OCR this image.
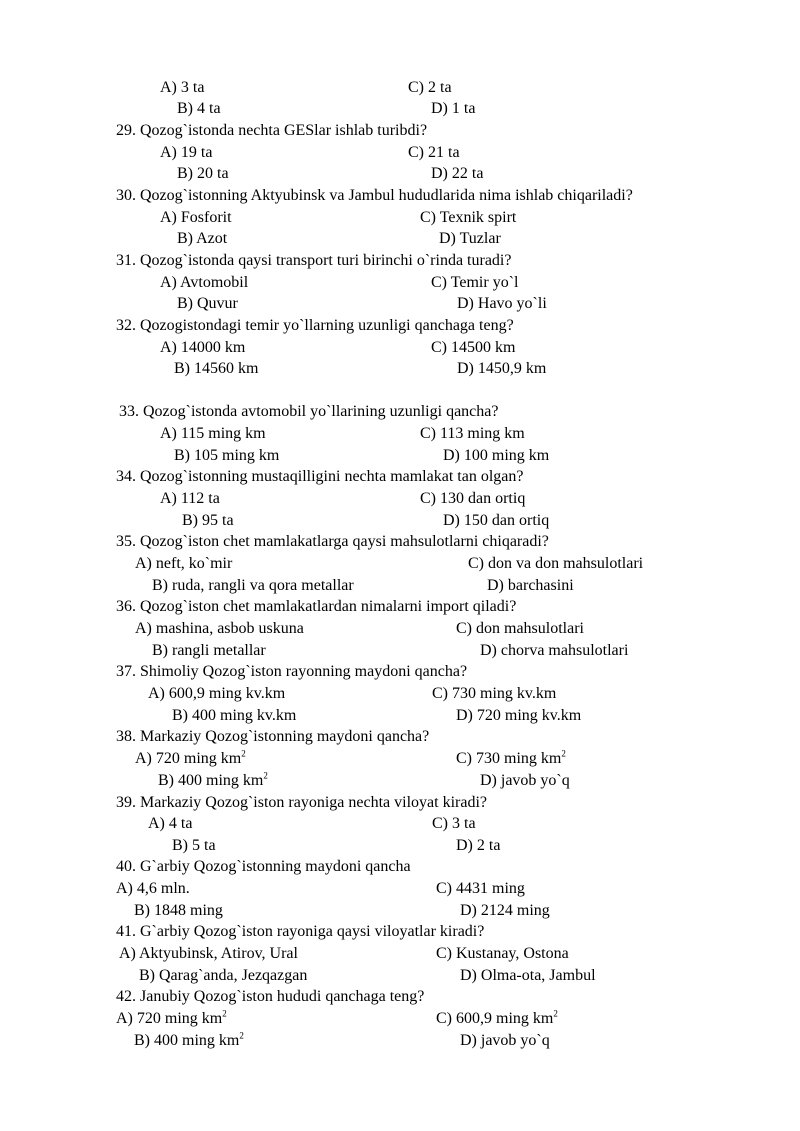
A) 3 ta	C) 2 ta
B) 4 ta	D) 1 ta
29. Qozog`istonda nechta GESlar ishlab turibdi?
A) 19 ta	C) 21 ta
B) 20 ta	D) 22 ta
30. Qozog`istonning Aktyubinsk va Jambul hududlarida nima ishlab chiqariladi?
A) Fosforit	C) Texnik spirt
B) Azot	D) Tuzlar
31. Qozog`istonda qaysi transport turi birinchi o`rinda turadi?
A) Avtomobil	C) Temir yo`l
B) Quvur	D) Havo yo`li
32. Qozogistondagi temir yo`llarning uzunligi qanchaga teng?
A) 14000 km	C) 14500 km
B) 14560 km	D) 1450,9 km
33. Qozog`istonda avtomobil yo`llarining uzunligi qancha?
A) 115 ming km	C) 113 ming km
B) 105 ming km	D) 100 ming km
34. Qozog`istonning mustaqilligini nechta mamlakat tan olgan?
A) 112 ta	C) 130 dan ortiq
B) 95 ta	D) 150 dan ortiq
35. Qozog`iston chet mamlakatlarga qaysi mahsulotlarni chiqaradi?
A) neft, ko`mir	C) don va don mahsulotlari
B) ruda, rangli va qora metallar	D) barchasini
36. Qozog`iston chet mamlakatlardan nimalarni import qiladi?
A) mashina, asbob uskuna	C) don mahsulotlari
B) rangli metallar	D) chorva mahsulotlari
37. Shimoliy Qozog`iston rayonning maydoni qancha?
A) 600,9 ming kv.km	C) 730 ming kv.km
B) 400 ming kv.km	D) 720 ming kv.km
38. Markaziy Qozog`istonning maydoni qancha?
A) 720 ming $km^2$	C) 730 ming $km^2$
B) 400 ming $km^2$	D) javob yo`q
39. Markaziy Qozog`iston rayoniga nechta viloyat kiradi?
A) 4 ta	C) 3 ta
B) 5 ta	D) 2 ta
40. G`arbiy Qozog`istonning maydoni qancha
A) 4,6 mln.	C) 4431 ming
B) 1848 ming	D) 2124 ming
41. G`arbiy Qozog`iston rayoniga qaysi viloyatlar kiradi?
A) Aktyubinsk, Atirov, Ural	C) Kustanay, Ostona
B) Qarag`anda, Jezqazgan	D) Olma-ota, Jambul
42. Janubiy Qozog`iston hududi qanchaga teng?
A) 720 ming $km^2$	C) 600,9 ming $km^2$
B) 400 ming $km^2$	D) javob yo`q
